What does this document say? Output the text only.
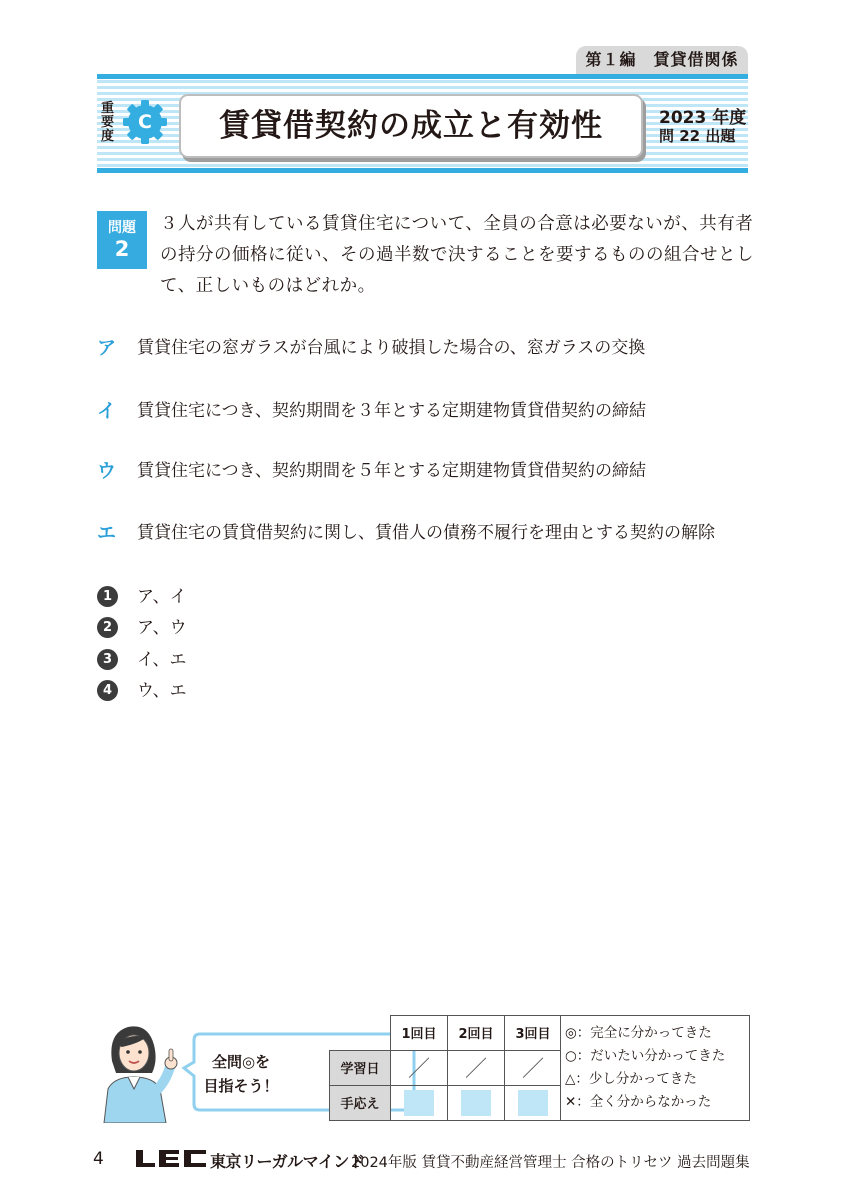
第１編　賃貸借関係
重要度
C	賃貸借契約の成立と有効性	2023 年度
問 22 出題
問題
2
３人が共有している賃貸住宅について、全員の合意は必要ないが、共有者の持分の価格に従い、その過半数で決することを要するものの組合せとして、正しいものはどれか。
ア	賃貸住宅の窓ガラスが台風により破損した場合の、窓ガラスの交換
イ	賃貸住宅につき、契約期間を３年とする定期建物賃貸借契約の締結
ウ	賃貸住宅につき、契約期間を５年とする定期建物賃貸借契約の締結
エ	賃貸住宅の賃貸借契約に関し、賃借人の債務不履行を理由とする契約の解除
1	ア、イ
2	ア、ウ
3	イ、エ
4	ウ、エ
全問◎を
目指そう！
	1回目	2回目	3回目
学習日	／	／	／
手応え			
◎：完全に分かってきた
○：だいたい分かってきた
△：少し分かってきた
✕：全く分からなかった
4	東京リーガルマインド
2024年版 賃貸不動産経営管理士 合格のトリセツ 過去問題集
